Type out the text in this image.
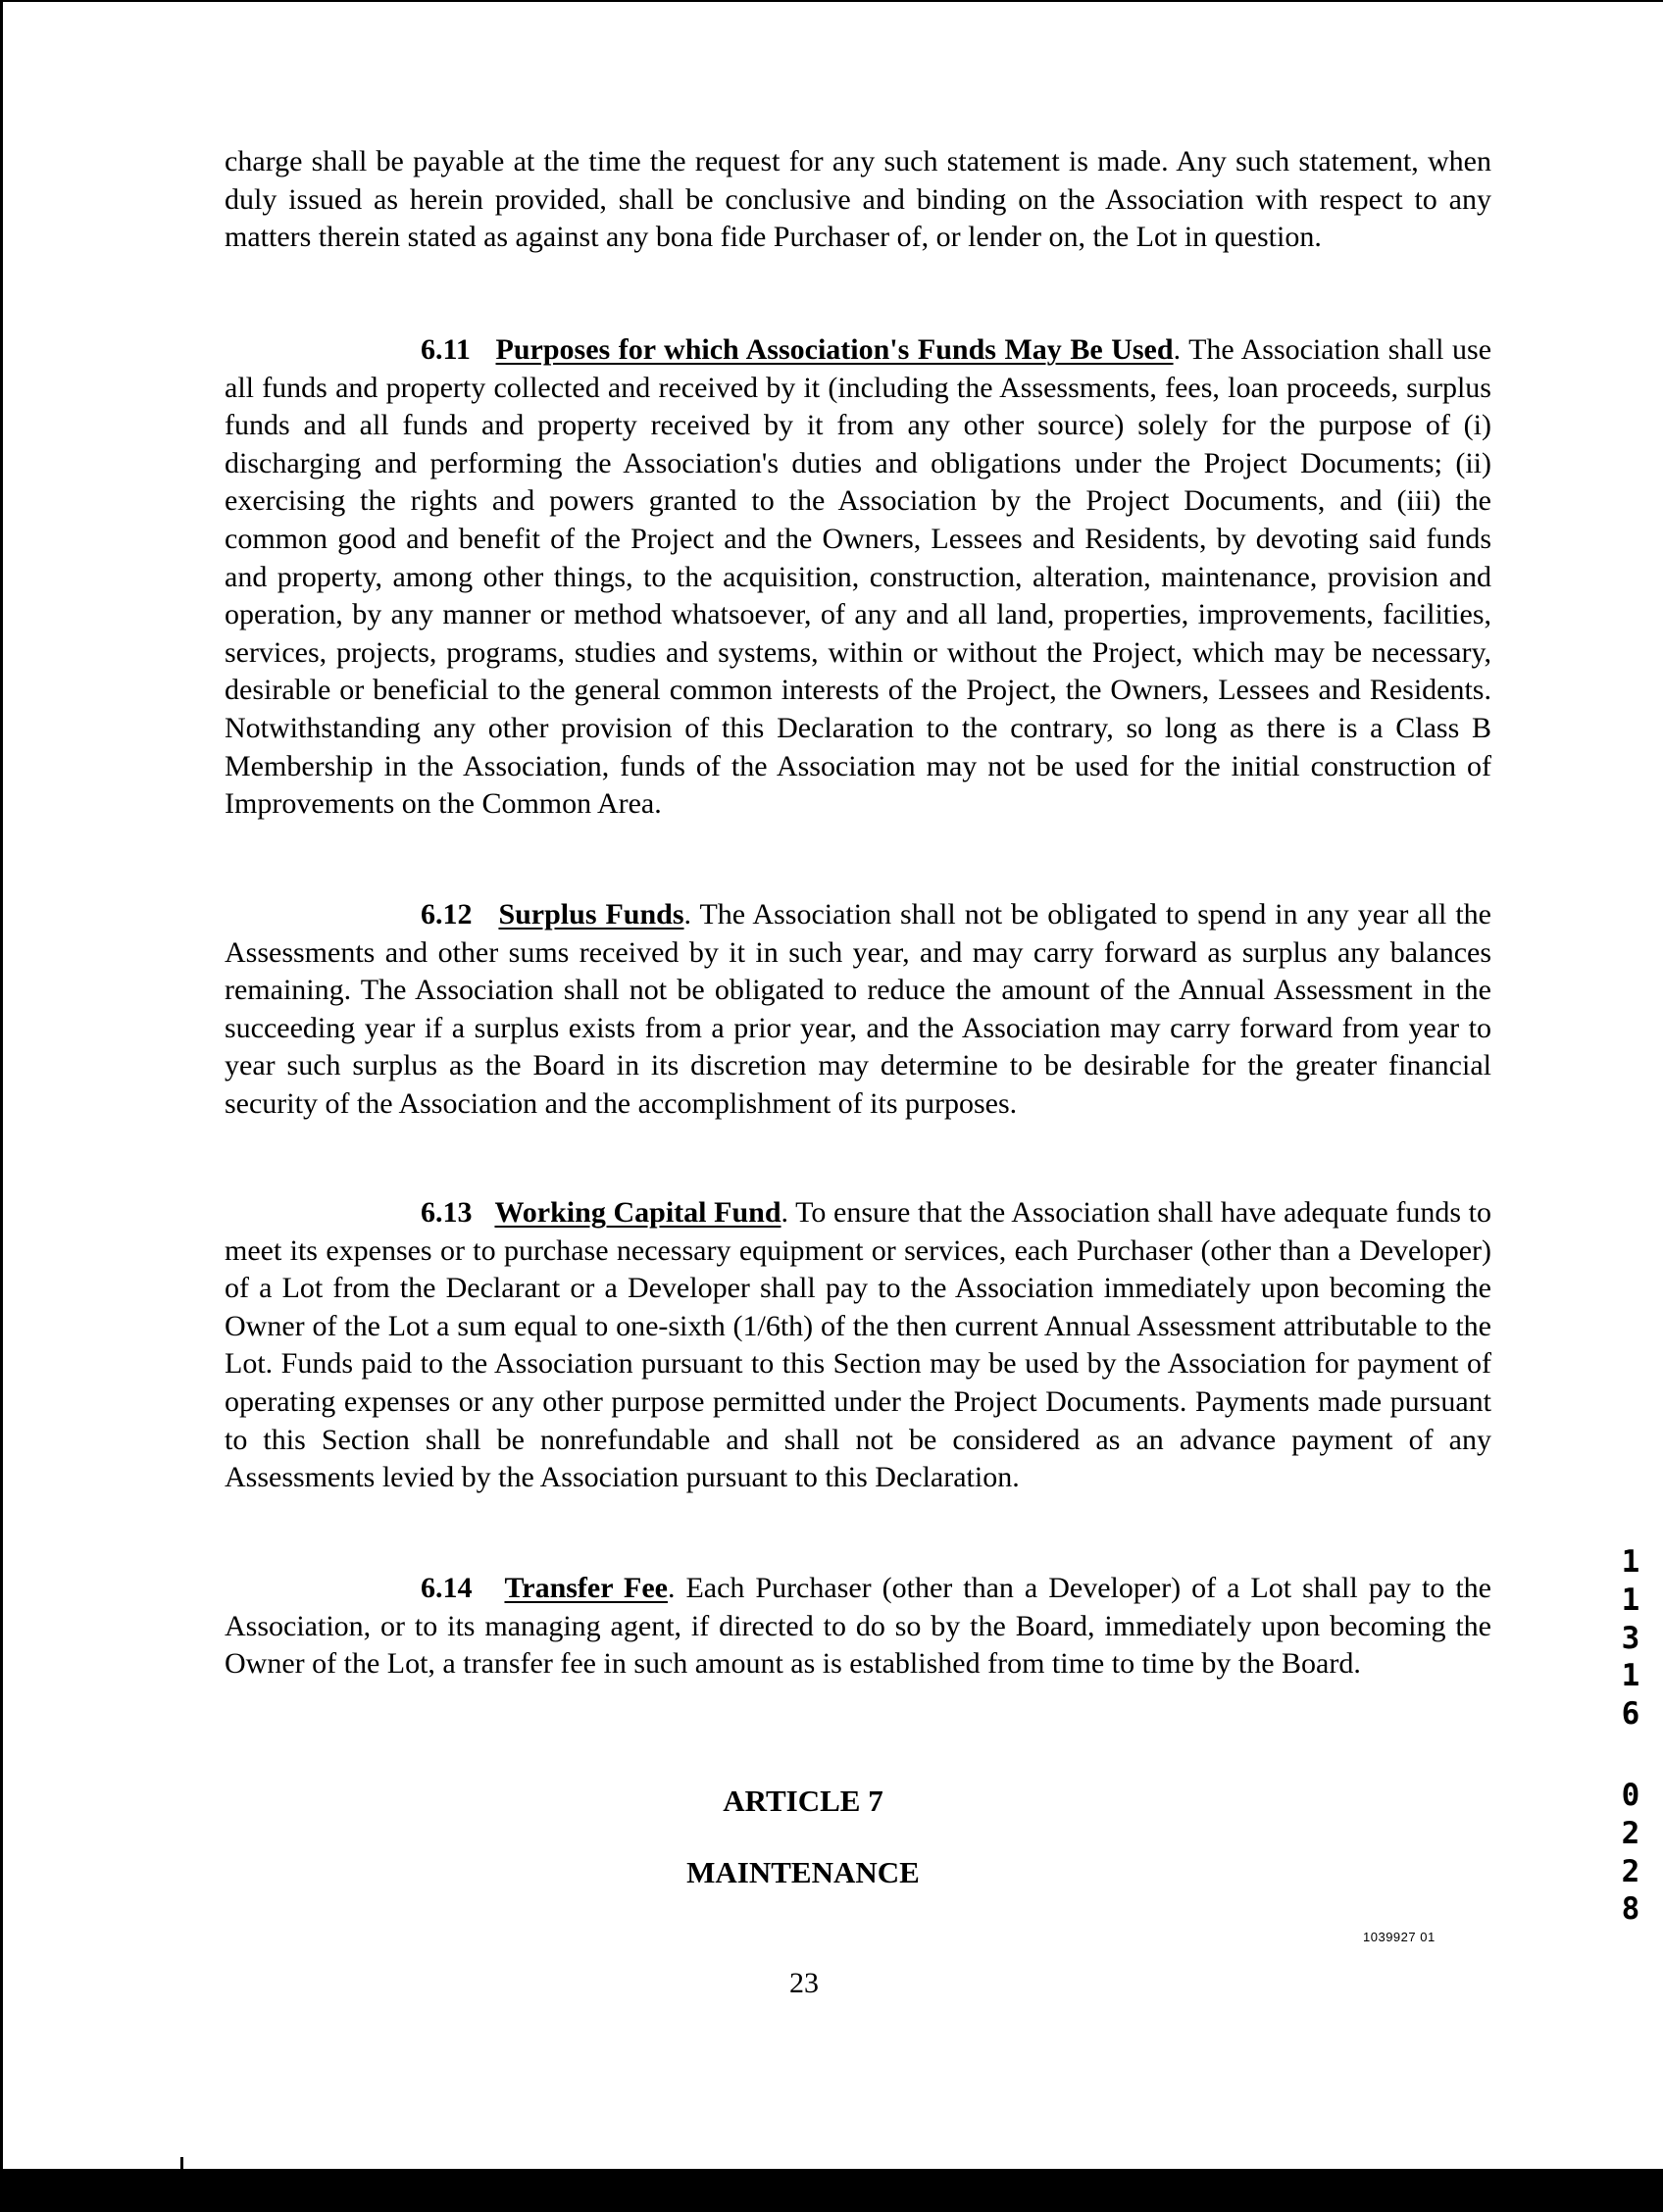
charge shall be payable at the time the request for any such statement is made. Any such statement, when duly issued as herein provided, shall be conclusive and binding on the Association with respect to any matters therein stated as against any bona fide Purchaser of, or lender on, the Lot in question.

6.11 Purposes for which Association's Funds May Be Used. The Association shall use all funds and property collected and received by it (including the Assessments, fees, loan proceeds, surplus funds and all funds and property received by it from any other source) solely for the purpose of (i) discharging and performing the Association's duties and obligations under the Project Documents; (ii) exercising the rights and powers granted to the Association by the Project Documents, and (iii) the common good and benefit of the Project and the Owners, Lessees and Residents, by devoting said funds and property, among other things, to the acquisition, construction, alteration, maintenance, provision and operation, by any manner or method whatsoever, of any and all land, properties, improvements, facilities, services, projects, programs, studies and systems, within or without the Project, which may be necessary, desirable or beneficial to the general common interests of the Project, the Owners, Lessees and Residents. Notwithstanding any other provision of this Declaration to the contrary, so long as there is a Class B Membership in the Association, funds of the Association may not be used for the initial construction of Improvements on the Common Area.

6.12 Surplus Funds. The Association shall not be obligated to spend in any year all the Assessments and other sums received by it in such year, and may carry forward as surplus any balances remaining. The Association shall not be obligated to reduce the amount of the Annual Assessment in the succeeding year if a surplus exists from a prior year, and the Association may carry forward from year to year such surplus as the Board in its discretion may determine to be desirable for the greater financial security of the Association and the accomplishment of its purposes.

6.13 Working Capital Fund. To ensure that the Association shall have adequate funds to meet its expenses or to purchase necessary equipment or services, each Purchaser (other than a Developer) of a Lot from the Declarant or a Developer shall pay to the Association immediately upon becoming the Owner of the Lot a sum equal to one-sixth (1/6th) of the then current Annual Assessment attributable to the Lot. Funds paid to the Association pursuant to this Section may be used by the Association for payment of operating expenses or any other purpose permitted under the Project Documents. Payments made pursuant to this Section shall be nonrefundable and shall not be considered as an advance payment of any Assessments levied by the Association pursuant to this Declaration.

6.14 Transfer Fee. Each Purchaser (other than a Developer) of a Lot shall pay to the Association, or to its managing agent, if directed to do so by the Board, immediately upon becoming the Owner of the Lot, a transfer fee in such amount as is established from time to time by the Board.

ARTICLE 7
MAINTENANCE
1039927 01
23
1
1
3
1
6
0
2
2
8
